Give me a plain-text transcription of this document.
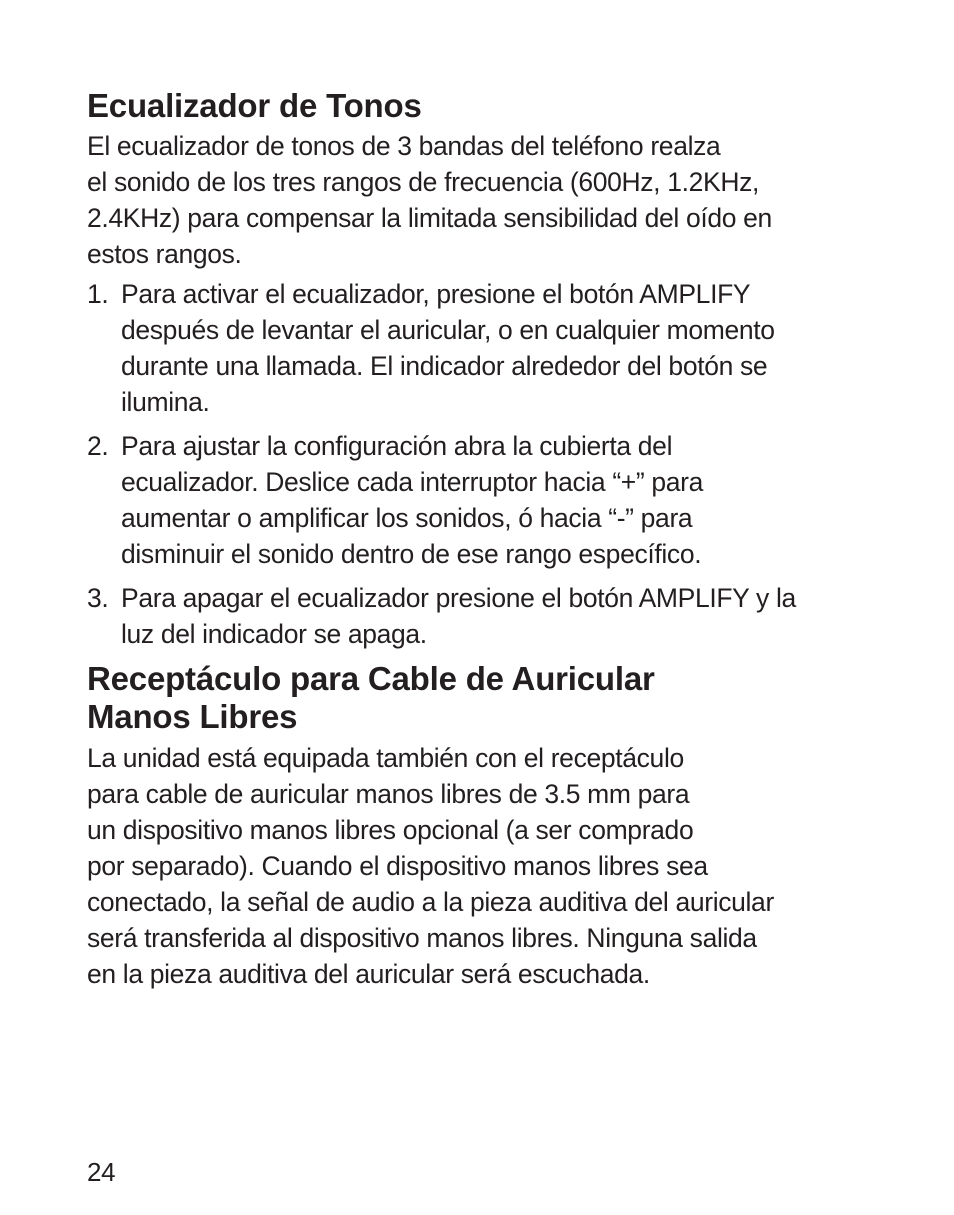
Ecualizador de Tonos

El ecualizador de tonos de 3 bandas del teléfono realza
el sonido de los tres rangos de frecuencia (600Hz, 1.2KHz,
2.4KHz) para compensar la limitada sensibilidad del oído en
estos rangos.

1. Para activar el ecualizador, presione el botón AMPLIFY
después de levantar el auricular, o en cualquier momento
durante una llamada. El indicador alrededor del botón se
ilumina.
2. Para ajustar la configuración abra la cubierta del
ecualizador. Deslice cada interruptor hacia “+” para
aumentar o amplificar los sonidos, ó hacia “-” para
disminuir el sonido dentro de ese rango específico.
3. Para apagar el ecualizador presione el botón AMPLIFY y la
luz del indicador se apaga.
Receptáculo para Cable de Auricular
Manos Libres

La unidad está equipada también con el receptáculo
para cable de auricular manos libres de 3.5 mm para
un dispositivo manos libres opcional (a ser comprado
por separado). Cuando el dispositivo manos libres sea
conectado, la señal de audio a la pieza auditiva del auricular
será transferida al dispositivo manos libres. Ninguna salida
en la pieza auditiva del auricular será escuchada.

24
